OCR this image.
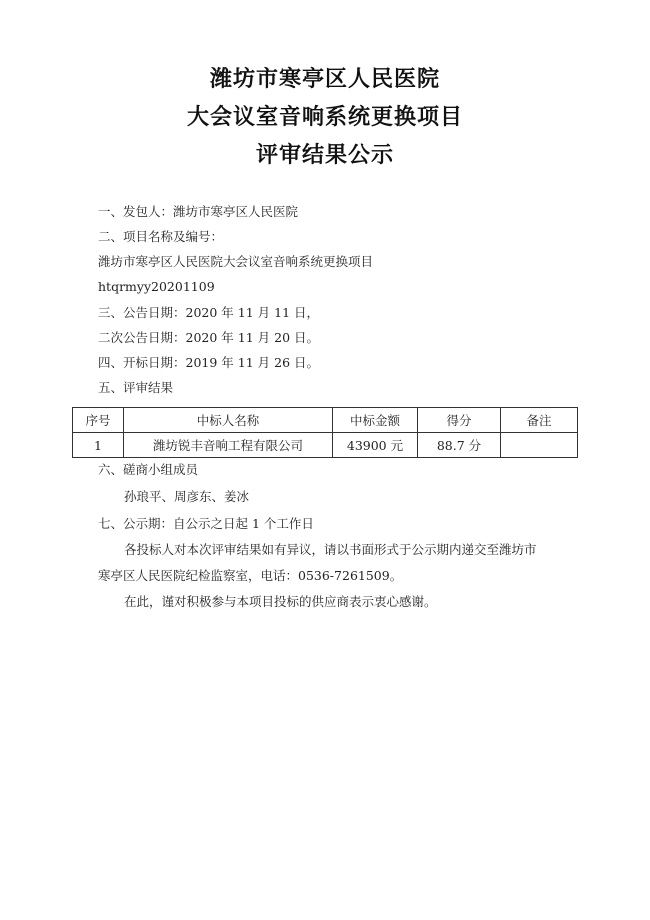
潍坊市寒亭区人民医院
大会议室音响系统更换项目
评审结果公示
一、发包人：潍坊市寒亭区人民医院
二、项目名称及编号：
潍坊市寒亭区人民医院大会议室音响系统更换项目
htqrmyy20201109
三、公告日期：2020 年 11 月 11 日，
二次公告日期：2020 年 11 月 20 日。
四、开标日期：2019 年 11 月 26 日。
五、评审结果
序号	中标人名称	中标金额	得分	备注
1	潍坊锐丰音响工程有限公司	43900 元	88.7 分	
六、磋商小组成员
孙琅平、周彦东、姜冰
七、公示期：自公示之日起 1 个工作日
各投标人对本次评审结果如有异议，请以书面形式于公示期内递交至潍坊市
寒亭区人民医院纪检监察室，电话：0536-7261509。
在此，谨对积极参与本项目投标的供应商表示衷心感谢。
